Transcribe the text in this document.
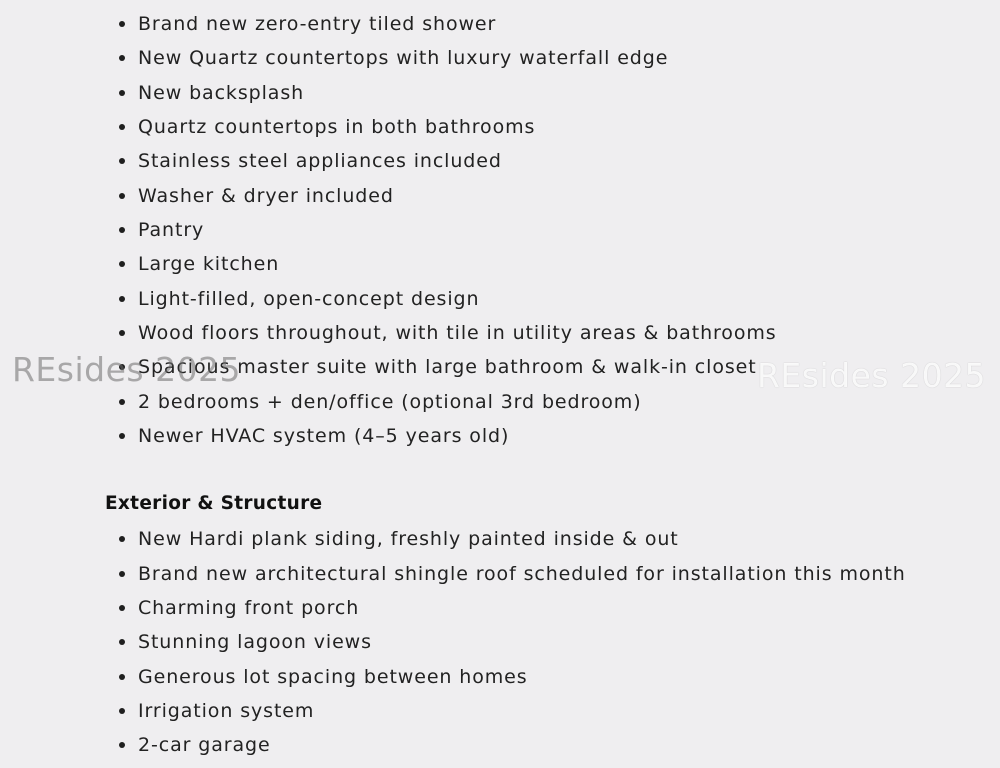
Brand new zero-entry tiled shower
New Quartz countertops with luxury waterfall edge
New backsplash
Quartz countertops in both bathrooms
Stainless steel appliances included
Washer & dryer included
Pantry
Large kitchen
Light-filled, open-concept design
Wood floors throughout, with tile in utility areas & bathrooms
Spacious master suite with large bathroom & walk-in closet
2 bedrooms + den/office (optional 3rd bedroom)
Newer HVAC system (4–5 years old)
Exterior & Structure
New Hardi plank siding, freshly painted inside & out
Brand new architectural shingle roof scheduled for installation this month
Charming front porch
Stunning lagoon views
Generous lot spacing between homes
Irrigation system
2-car garage
REsides 2025	REsides 2025
